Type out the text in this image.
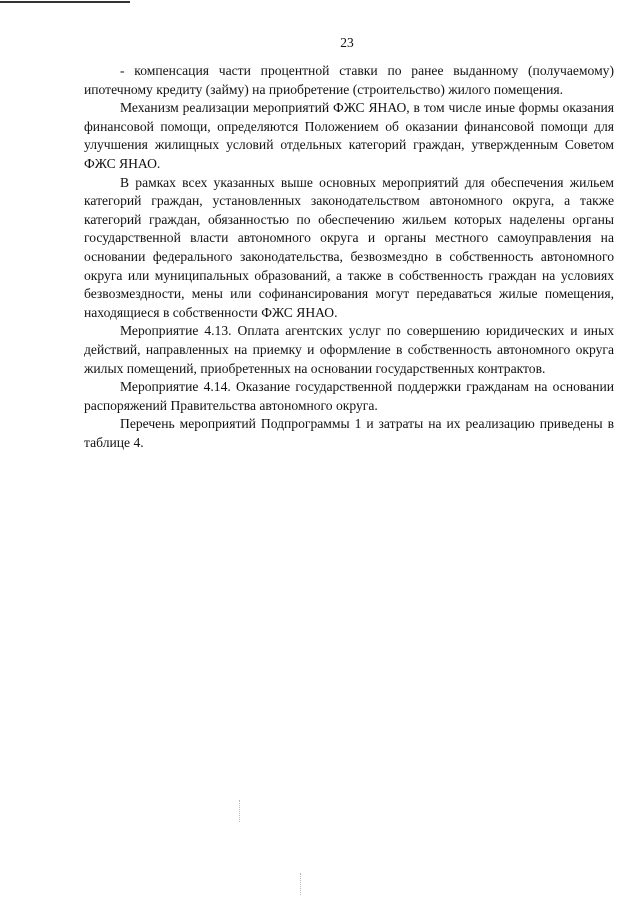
23

- компенсация части процентной ставки по ранее выданному (получаемому) ипотечному кредиту (займу) на приобретение (строительство) жилого помещения.

Механизм реализации мероприятий ФЖС ЯНАО, в том числе иные формы оказания финансовой помощи, определяются Положением об оказании финансовой помощи для улучшения жилищных условий отдельных категорий граждан, утвержденным Советом ФЖС ЯНАО.

В рамках всех указанных выше основных мероприятий для обеспечения жильем категорий граждан, установленных законодательством автономного округа, а также категорий граждан, обязанностью по обеспечению жильем которых наделены органы государственной власти автономного округа и органы местного самоуправления на основании федерального законодательства, безвозмездно в собственность автономного округа или муниципальных образований, а также в собственность граждан на условиях безвозмездности, мены или софинансирования могут передаваться жилые помещения, находящиеся в собственности ФЖС ЯНАО.

Мероприятие 4.13. Оплата агентских услуг по совершению юридических и иных действий, направленных на приемку и оформление в собственность автономного округа жилых помещений, приобретенных на основании государственных контрактов.

Мероприятие 4.14. Оказание государственной поддержки гражданам на основании распоряжений Правительства автономного округа.

Перечень мероприятий Подпрограммы 1 и затраты на их реализацию приведены в таблице 4.
